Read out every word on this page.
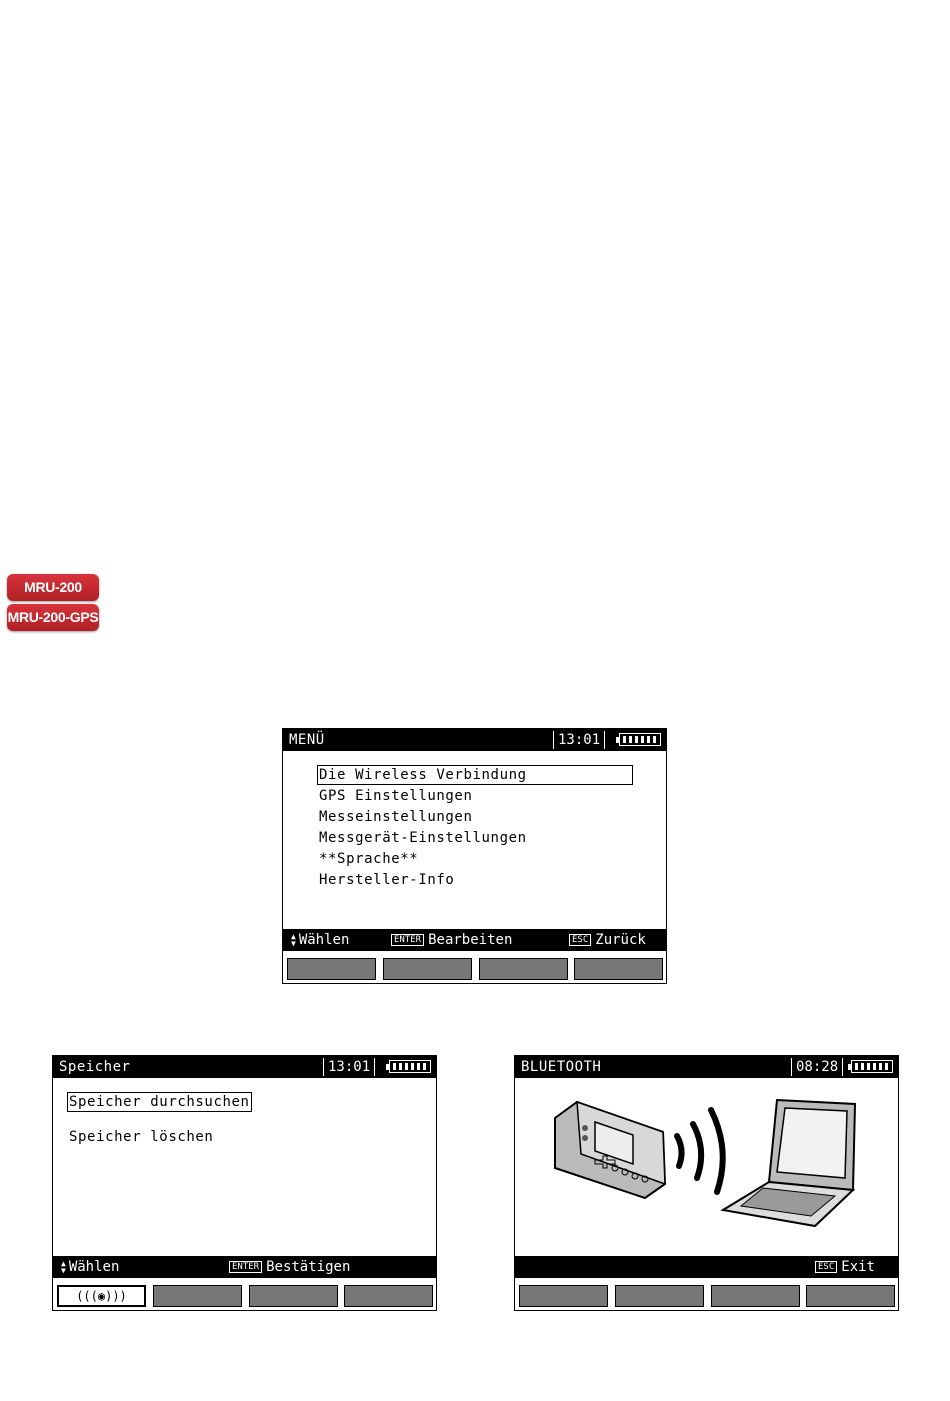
MRU-200
MRU-200-GPS
MENÜ	13:01
Die Wireless Verbindung
GPS Einstellungen
Messeinstellungen
Messgerät-Einstellungen
**Sprache**
Hersteller-Info
▲
▼ Wählen	ENTER Bearbeiten	ESC Zurück
Speicher	13:01
Speicher durchsuchen
Speicher löschen
▲
▼ Wählen	ENTER Bestätigen
(((◉)))
BLUETOOTH	08:28
ESC Exit
